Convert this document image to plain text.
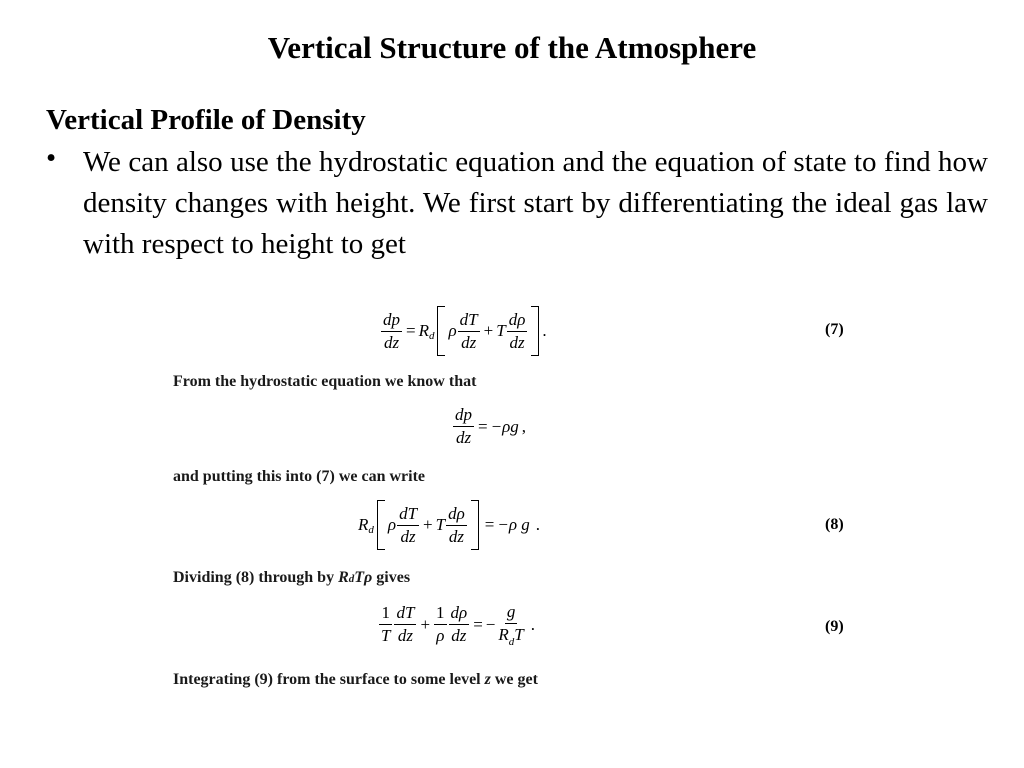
Vertical Structure of the Atmosphere
Vertical Profile of Density
• We can also use the hydrostatic equation and the equation of state to find how density changes with height. We first start by differentiating the ideal gas law with respect to height to get
$\frac{dp}{dz} = R$ d ρ $\frac{dT}{dz} + T \frac{d\rho}{dz}$ .	(7)
From the hydrostatic equation we know that
$\frac{dp}{dz} = -\rho g$ ,
and putting this into (7) we can write
R d ρ $\frac{dT}{dz} + T \frac{d\rho}{dz} = -\rho$ g .	(8)
Dividing (8) through by RdTρ gives
$\frac{1}{T} \frac{dT}{dz} + \frac{1}{\rho} \frac{d\rho}{dz}$ = − $\frac{g}{R_dT}$ .	(9)
Integrating (9) from the surface to some level z we get
